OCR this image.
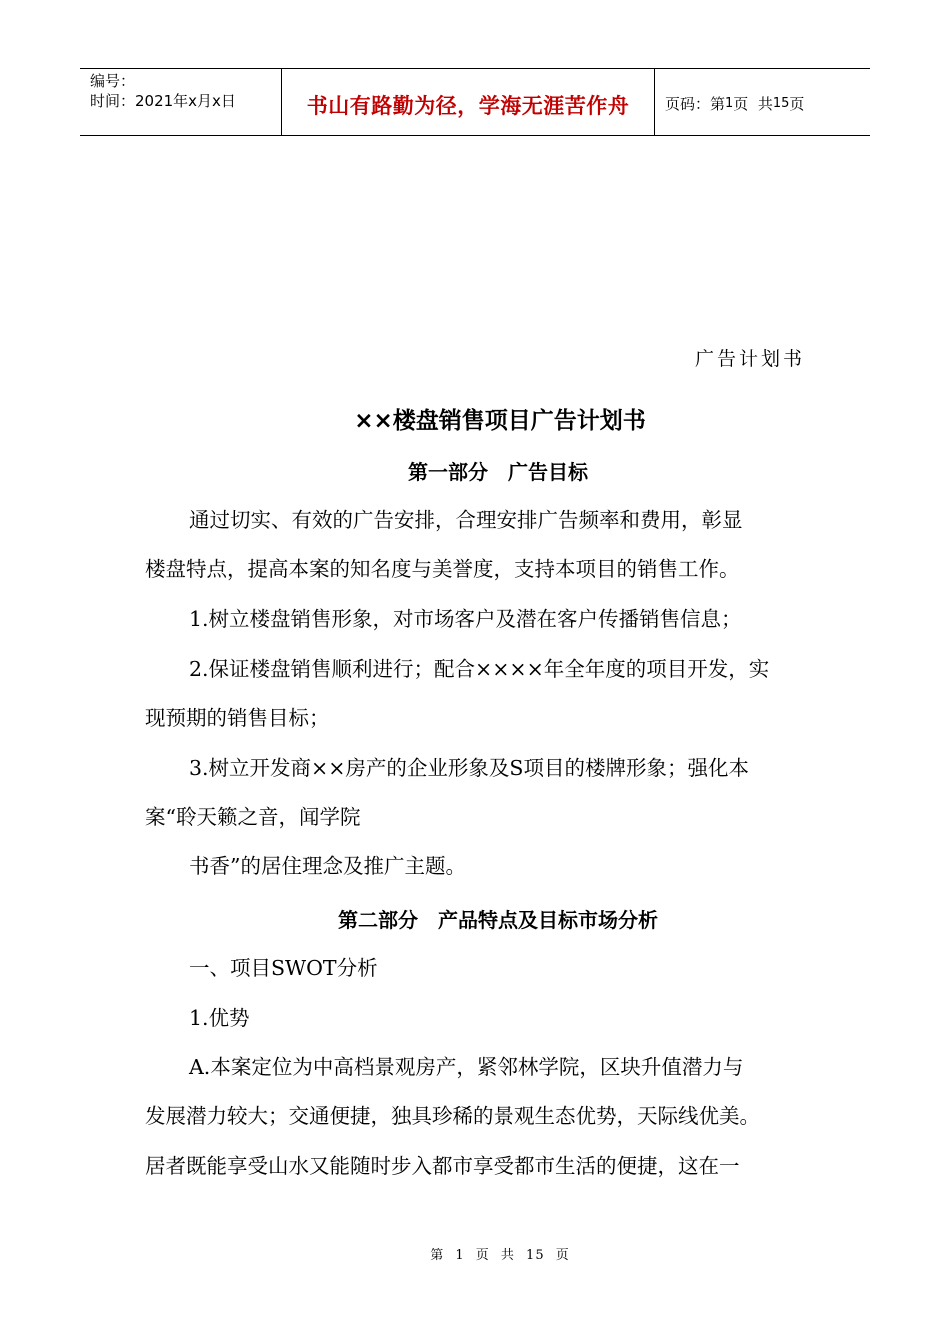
编号：
时间：2021年x月x日	书山有路勤为径，学海无涯苦作舟 页码：第 1 页  共 15 页
广告计划书
××楼盘销售项目广告计划书
第一部分　广告目标
通过切实、有效的广告安排，合理安排广告频率和费用，彰显
楼盘特点，提高本案的知名度与美誉度，支持本项目的销售工作。
1.树立楼盘销售形象，对市场客户及潜在客户传播销售信息；
2.保证楼盘销售顺利进行；配合××××年全年度的项目开发，实
现预期的销售目标；
3.树立开发商××房产的企业形象及S项目的楼牌形象；强化本
案“聆天籁之音，闻学院
书香”的居住理念及推广主题。
第二部分　产品特点及目标市场分析
一、项目SWOT分析
1.优势
A.本案定位为中高档景观房产，紧邻林学院，区块升值潜力与
发展潜力较大；交通便捷，独具珍稀的景观生态优势，天际线优美。
居者既能享受山水又能随时步入都市享受都市生活的便捷，这在一
第 1 页 共 15 页
